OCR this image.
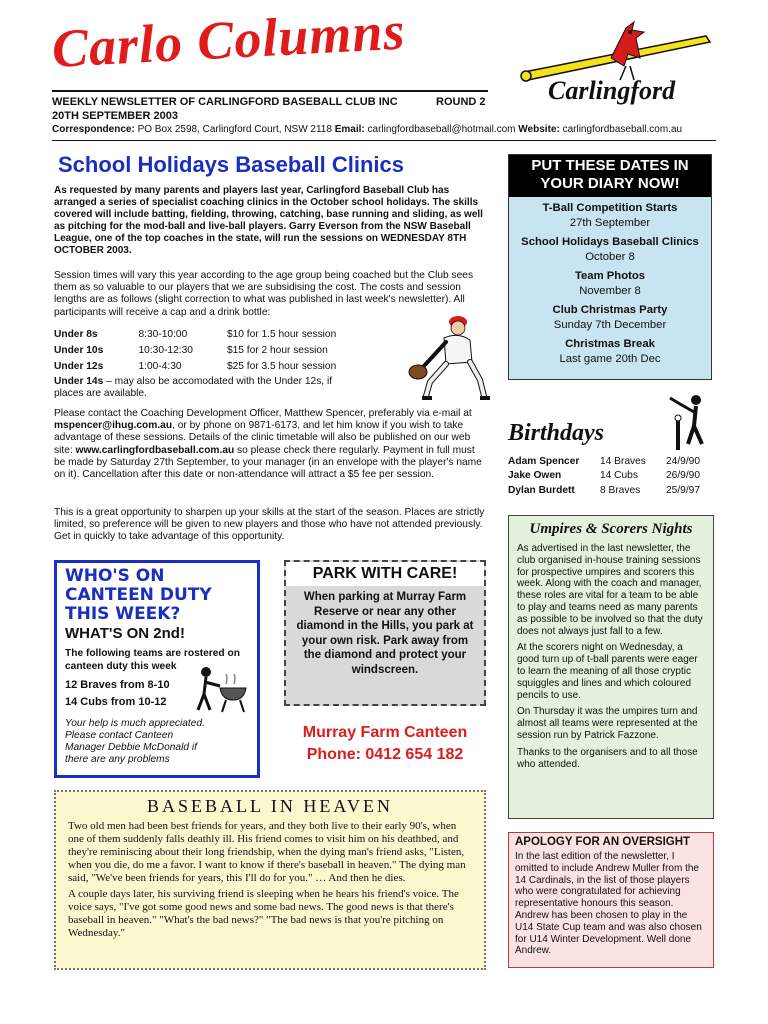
Carlo Columns
WEEKLY NEWSLETTER OF CARLINGFORD BASEBALL CLUB INC	ROUND 2
20TH SEPTEMBER 2003
Correspondence: PO Box 2598, Carlingford Court, NSW 2118 Email: carlingfordbaseball@hotmail.com Website: carlingfordbaseball.com.au
Carlingford
School Holidays Baseball Clinics
As requested by many parents and players last year, Carlingford Baseball Club has arranged a series of specialist coaching clinics in the October school holidays. The skills covered will include batting, fielding, throwing, catching, base running and sliding, as well as pitching for the mod-ball and live-ball players. Garry Everson from the NSW Baseball League, one of the top coaches in the state, will run the sessions on WEDNESDAY 8TH OCTOBER 2003.
Session times will vary this year according to the age group being coached but the Club sees them as so valuable to our players that we are subsidising the cost. The costs and session lengths are as follows (slight correction to what was published in last week's newsletter). All participants will receive a cap and a drink bottle:
Under 8s	8:30-10:00	$10 for 1.5 hour session
Under 10s	10:30-12:30	$15 for 2 hour session
Under 12s	1:00-4:30	$25 for 3.5 hour session
Under 14s – may also be accomodated with the Under 12s, if places are available.
Please contact the Coaching Development Officer, Matthew Spencer, preferably via e-mail at mspencer@ihug.com.au, or by phone on 9871-6173, and let him know if you wish to take advantage of these sessions. Details of the clinic timetable will also be published on our web site: www.carlingfordbaseball.com.au so please check there regularly. Payment in full must be made by Saturday 27th September, to your manager (in an envelope with the player's name on it). Cancellation after this date or non-attendance will attract a $5 fee per session.
This is a great opportunity to sharpen up your skills at the start of the season. Places are strictly limited, so preference will be given to new players and those who have not attended previously. Get in quickly to take advantage of this opportunity.
PUT THESE DATES IN YOUR DIARY NOW!
T-Ball Competition Starts
27th September
School Holidays Baseball Clinics
October 8
Team Photos
November 8
Club Christmas Party
Sunday 7th December
Christmas Break
Last game 20th Dec
Birthdays
Adam Spencer	14 Braves	24/9/90
Jake Owen	14 Cubs	26/9/90
Dylan Burdett	8 Braves	25/9/97
Umpires & Scorers Nights

As advertised in the last newsletter, the club organised in-house training sessions for prospective umpires and scorers this week. Along with the coach and manager, these roles are vital for a team to be able to play and teams need as many parents as possible to be involved so that the duty does not always just fall to a few.

At the scorers night on Wednesday, a good turn up of t-ball parents were eager to learn the meaning of all those cryptic squiggles and lines and which coloured pencils to use.

On Thursday it was the umpires turn and almost all teams were represented at the session run by Patrick Fazzone.

Thanks to the organisers and to all those who attended.

APOLOGY FOR AN OVERSIGHT

In the last edition of the newsletter, I omitted to include Andrew Muller from the 14 Cardinals, in the list of those players who were congratulated for achieving representative honours this season. Andrew has been chosen to play in the U14 State Cup team and was also chosen for U14 Winter Development. Well done Andrew.

WHO'S ON CANTEEN DUTY THIS WEEK?
WHAT'S ON 2nd!
The following teams are rostered on canteen duty this week
12 Braves from 8-10
14 Cubs from 10-12
Your help is much appreciated. Please contact Canteen Manager Debbie McDonald if there are any problems
PARK WITH CARE!
When parking at Murray Farm Reserve or near any other diamond in the Hills, you park at your own risk. Park away from the diamond and protect your windscreen.
Murray Farm Canteen
Phone: 0412 654 182
BASEBALL IN HEAVEN

Two old men had been best friends for years, and they both live to their early 90's, when one of them suddenly falls deathly ill. His friend comes to visit him on his deathbed, and they're reminiscing about their long friendship, when the dying man's friend asks, "Listen, when you die, do me a favor. I want to know if there's baseball in heaven." The dying man said, "We've been friends for years, this I'll do for you." … And then he dies.

A couple days later, his surviving friend is sleeping when he hears his friend's voice. The voice says, "I've got some good news and some bad news. The good news is that there's baseball in heaven." "What's the bad news?" "The bad news is that you're pitching on Wednesday."
